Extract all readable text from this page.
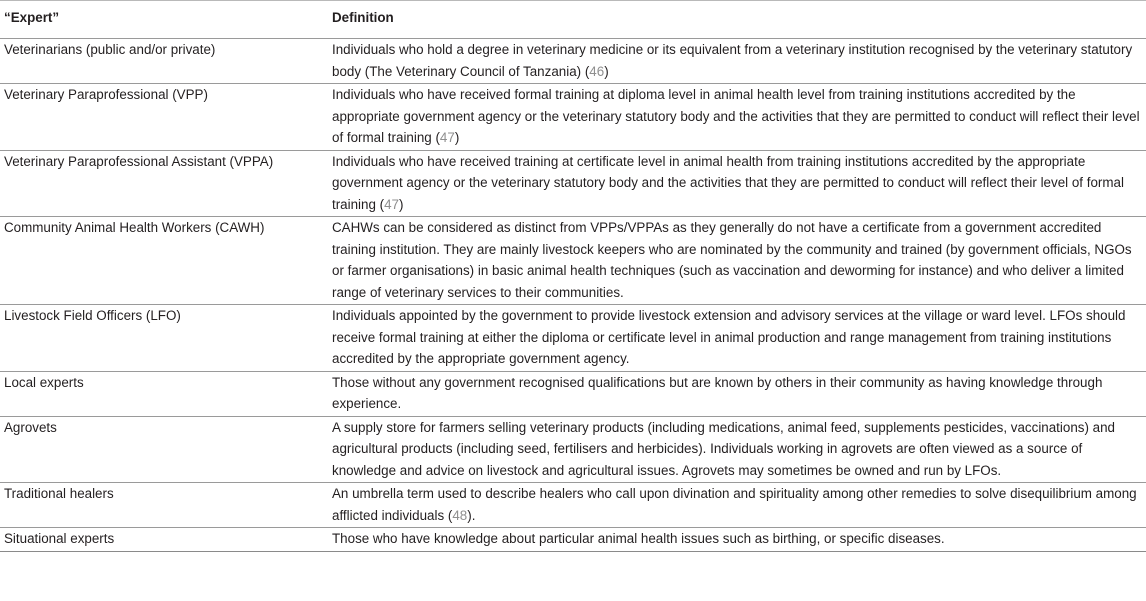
“Expert”	Definition
Veterinarians (public and/or private)	Individuals who hold a degree in veterinary medicine or its equivalent from a veterinary institution recognised by the veterinary statutory body (The Veterinary Council of Tanzania) (46)
Veterinary Paraprofessional (VPP)	Individuals who have received formal training at diploma level in animal health level from training institutions accredited by the appropriate government agency or the veterinary statutory body and the activities that they are permitted to conduct will reflect their level of formal training (47)
Veterinary Paraprofessional Assistant (VPPA)	Individuals who have received training at certificate level in animal health from training institutions accredited by the appropriate government agency or the veterinary statutory body and the activities that they are permitted to conduct will reflect their level of formal training (47)
Community Animal Health Workers (CAWH)	CAHWs can be considered as distinct from VPPs/VPPAs as they generally do not have a certificate from a government accredited training institution. They are mainly livestock keepers who are nominated by the community and trained (by government officials, NGOs or farmer organisations) in basic animal health techniques (such as vaccination and deworming for instance) and who deliver a limited range of veterinary services to their communities.
Livestock Field Officers (LFO)	Individuals appointed by the government to provide livestock extension and advisory services at the village or ward level. LFOs should receive formal training at either the diploma or certificate level in animal production and range management from training institutions accredited by the appropriate government agency.
Local experts	Those without any government recognised qualifications but are known by others in their community as having knowledge through experience.
Agrovets	A supply store for farmers selling veterinary products (including medications, animal feed, supplements pesticides, vaccinations) and agricultural products (including seed, fertilisers and herbicides). Individuals working in agrovets are often viewed as a source of knowledge and advice on livestock and agricultural issues. Agrovets may sometimes be owned and run by LFOs.
Traditional healers	An umbrella term used to describe healers who call upon divination and spirituality among other remedies to solve disequilibrium among afflicted individuals (48).
Situational experts	Those who have knowledge about particular animal health issues such as birthing, or specific diseases.
